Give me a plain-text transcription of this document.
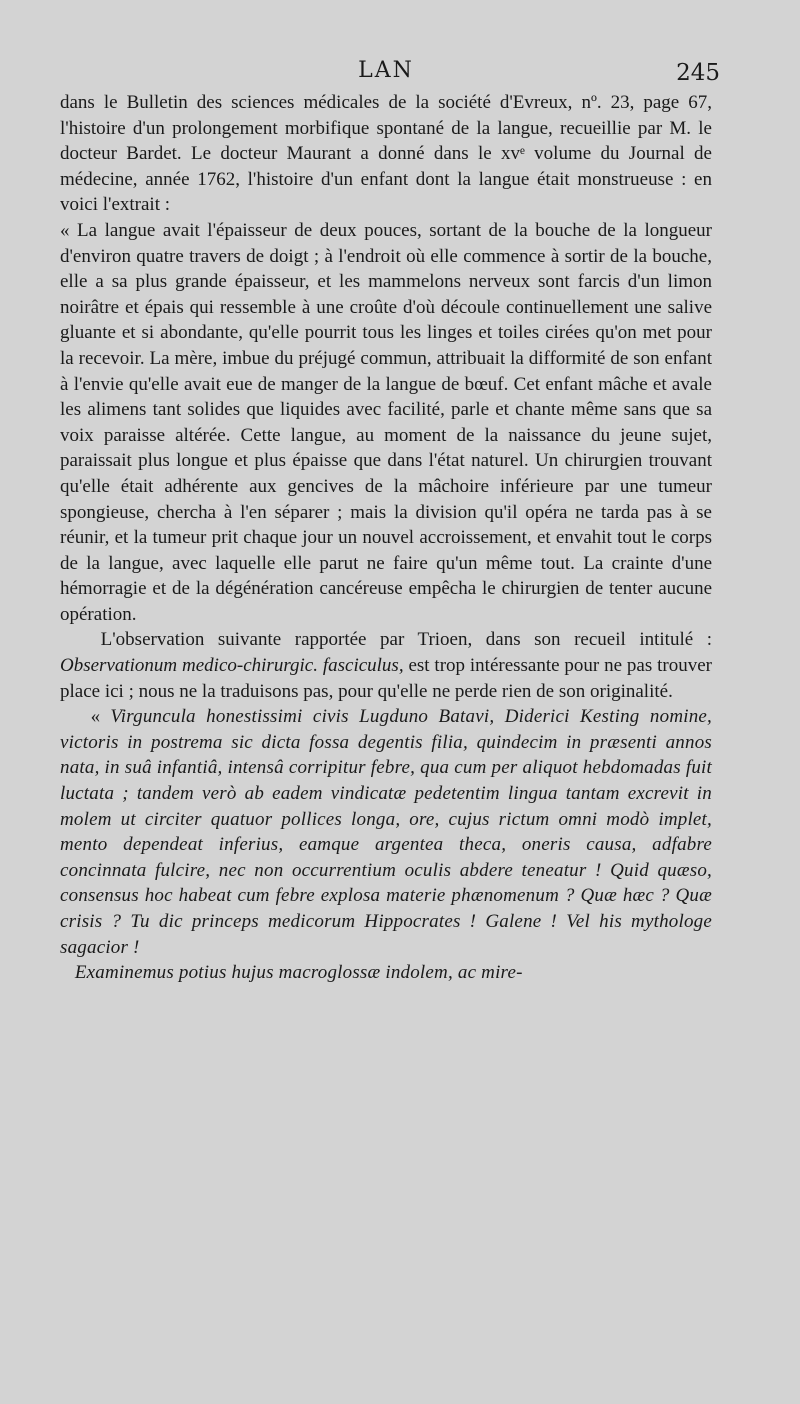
LAN	245

dans le Bulletin des sciences médicales de la société d'Evreux, nº. 23, page 67, l'histoire d'un prolongement morbifique spontané de la langue, recueillie par M. le docteur Bardet. Le docteur Maurant a donné dans le xvᵉ volume du Journal de médecine, année 1762, l'histoire d'un enfant dont la langue était monstrueuse : en voici l'extrait :

« La langue avait l'épaisseur de deux pouces, sortant de la bouche de la longueur d'environ quatre travers de doigt ; à l'endroit où elle commence à sortir de la bouche, elle a sa plus grande épaisseur, et les mammelons nerveux sont farcis d'un limon noirâtre et épais qui ressemble à une croûte d'où découle continuellement une salive gluante et si abondante, qu'elle pourrit tous les linges et toiles cirées qu'on met pour la recevoir. La mère, imbue du préjugé commun, attribuait la difformité de son enfant à l'envie qu'elle avait eue de manger de la langue de bœuf. Cet enfant mâche et avale les alimens tant solides que liquides avec facilité, parle et chante même sans que sa voix paraisse altérée. Cette langue, au moment de la naissance du jeune sujet, paraissait plus longue et plus épaisse que dans l'état naturel. Un chirurgien trouvant qu'elle était adhérente aux gencives de la mâchoire inférieure par une tumeur spongieuse, chercha à l'en séparer ; mais la division qu'il opéra ne tarda pas à se réunir, et la tumeur prit chaque jour un nouvel accroissement, et envahit tout le corps de la langue, avec laquelle elle parut ne faire qu'un même tout. La crainte d'une hémorragie et de la dégénération cancéreuse empêcha le chirurgien de tenter aucune opération.

L'observation suivante rapportée par Trioen, dans son recueil intitulé : Observationum medico-chirurgic. fasciculus, est trop intéressante pour ne pas trouver place ici ; nous ne la traduisons pas, pour qu'elle ne perde rien de son originalité.

« Virguncula honestissimi civis Lugduno Batavi, Diderici Kesting nomine, victoris in postrema sic dicta fossa degentis filia, quindecim in præsenti annos nata, in suâ infantiâ, intensâ corripitur febre, qua cum per aliquot hebdomadas fuit luctata ; tandem verò ab eadem vindicatæ pedetentim lingua tantam excrevit in molem ut circiter quatuor pollices longa, ore, cujus rictum omni modò implet, mento dependeat inferius, eamque argentea theca, oneris causa, adfabre concinnata fulcire, nec non occurrentium oculis abdere teneatur ! Quid quæso, consensus hoc habeat cum febre explosa materie phænomenum ? Quæ hæc ? Quæ crisis ? Tu dic princeps medicorum Hippocrates ! Galene ! Vel his mythologe sagacior !

Examinemus potius hujus macroglossæ indolem, ac mire-
